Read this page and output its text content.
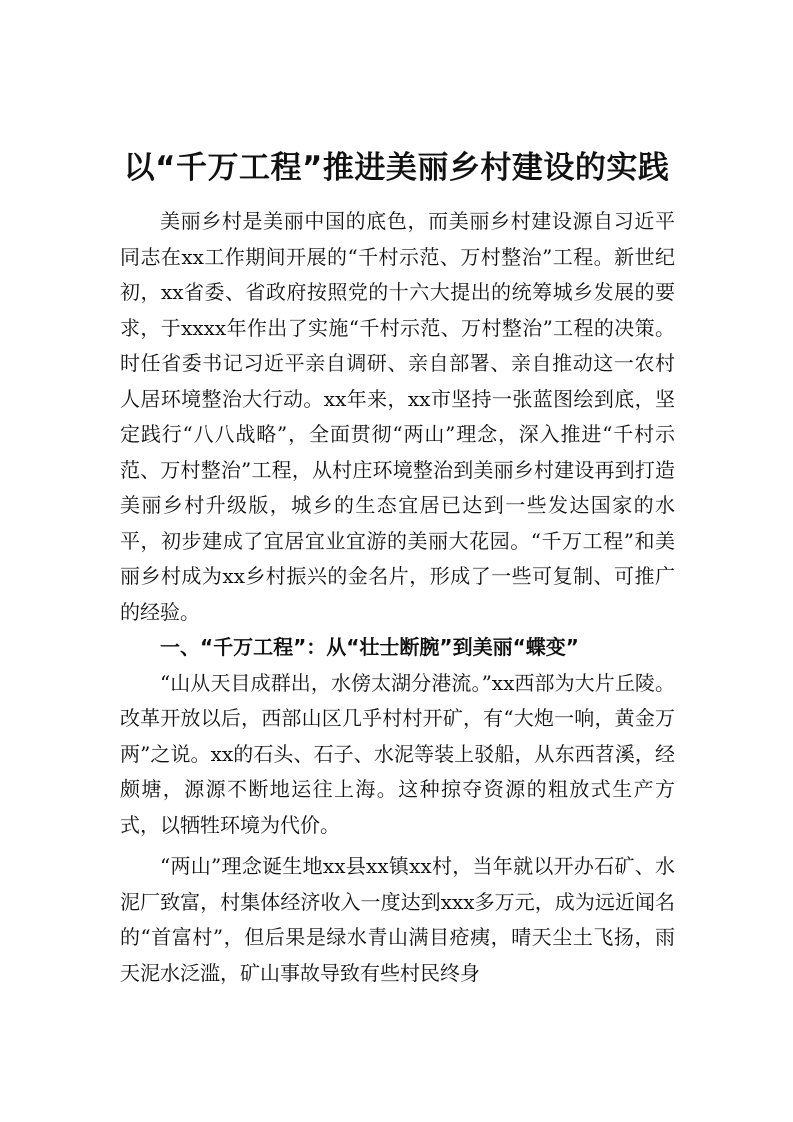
以“千万工程”推进美丽乡村建设的实践

美丽乡村是美丽中国的底色，而美丽乡村建设源自习近平同志在xx工作期间开展的“千村示范、万村整治”工程。新世纪初，xx省委、省政府按照党的十六大提出的统筹城乡发展的要求，于xxxx年作出了实施“千村示范、万村整治”工程的决策。时任省委书记习近平亲自调研、亲自部署、亲自推动这一农村人居环境整治大行动。xx年来，xx市坚持一张蓝图绘到底，坚定践行“八八战略”，全面贯彻“两山”理念，深入推进“千村示范、万村整治”工程，从村庄环境整治到美丽乡村建设再到打造美丽乡村升级版，城乡的生态宜居已达到一些发达国家的水平，初步建成了宜居宜业宜游的美丽大花园。“千万工程”和美丽乡村成为xx乡村振兴的金名片，形成了一些可复制、可推广的经验。

一、“千万工程”：从“壮士断腕”到美丽“蝶变”

“山从天目成群出，水傍太湖分港流。”xx西部为大片丘陵。改革开放以后，西部山区几乎村村开矿，有“大炮一响，黄金万两”之说。xx的石头、石子、水泥等装上驳船，从东西苕溪，经颇塘，源源不断地运往上海。这种掠夺资源的粗放式生产方式，以牺牲环境为代价。

“两山”理念诞生地xx县xx镇xx村，当年就以开办石矿、水泥厂致富，村集体经济收入一度达到xxx多万元，成为远近闻名的“首富村”，但后果是绿水青山满目疮痍，晴天尘土飞扬，雨天泥水泛滥，矿山事故导致有些村民终身
